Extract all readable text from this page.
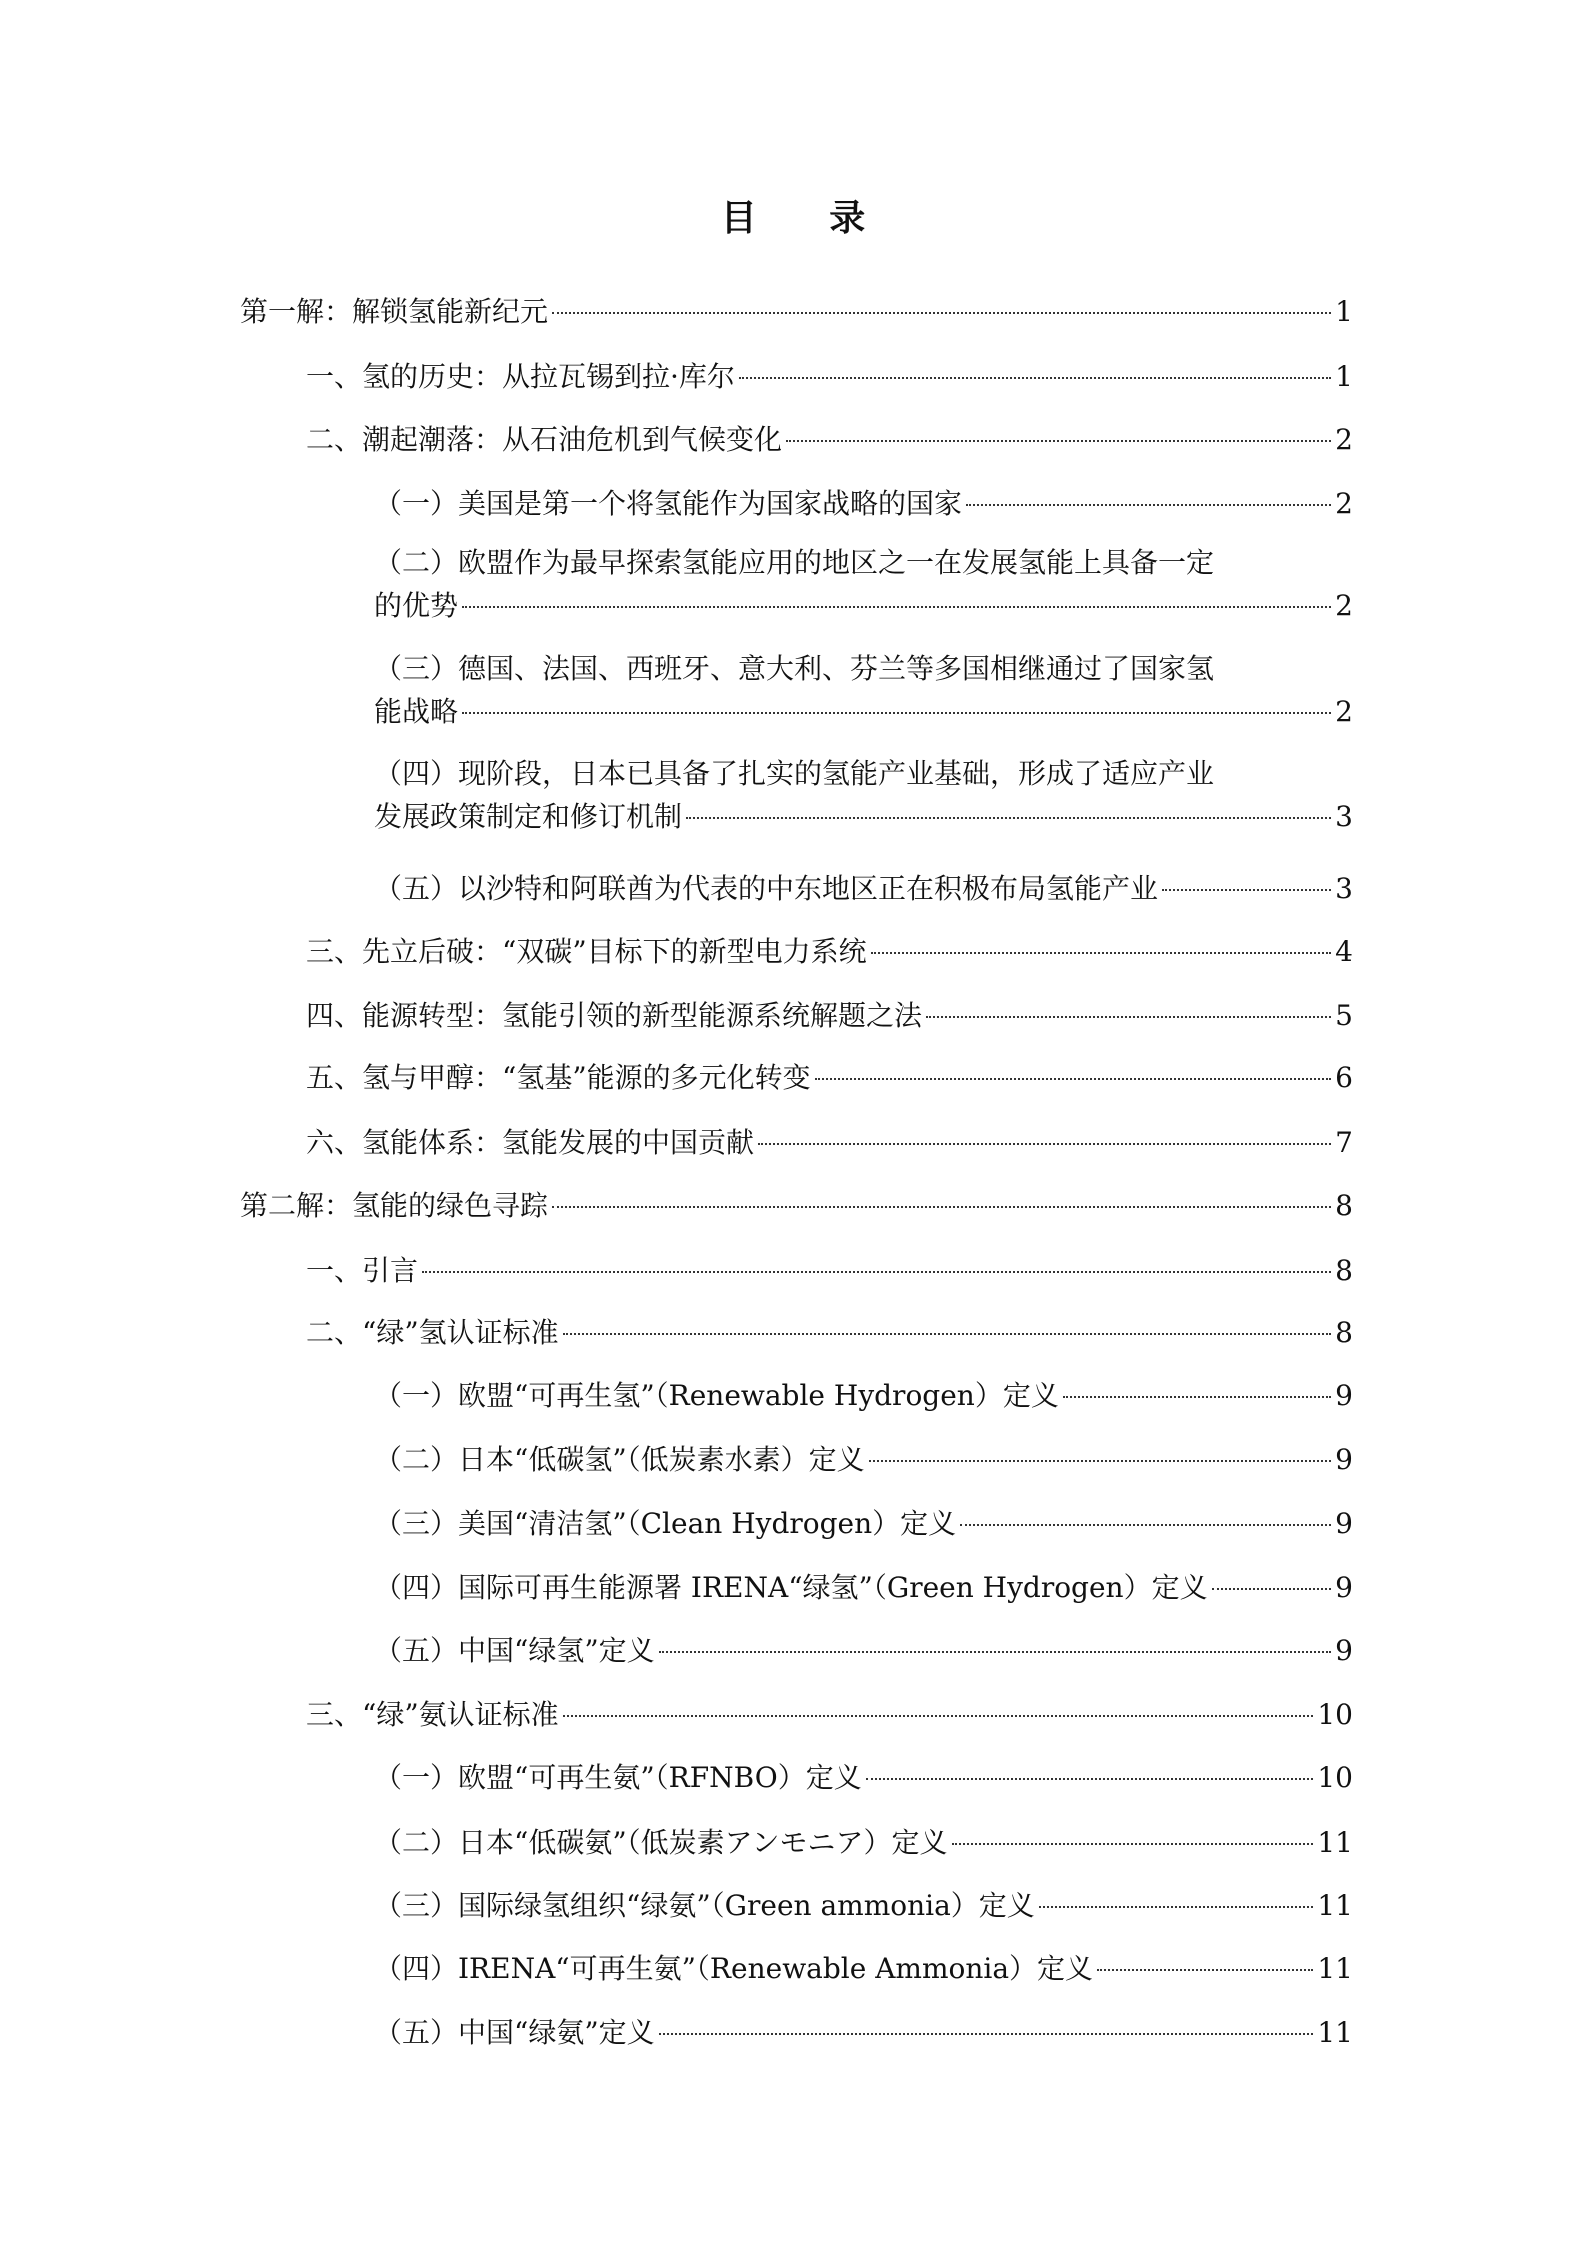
目 录
第一解：解锁氢能新纪元	1
一、氢的历史：从拉瓦锡到拉·库尔	1
二、潮起潮落：从石油危机到气候变化	2
（一）美国是第一个将氢能作为国家战略的国家	2
（二）欧盟作为最早探索氢能应用的地区之一在发展氢能上具备一定
的优势	2
（三）德国、法国、西班牙、意大利、芬兰等多国相继通过了国家氢
能战略	2
（四）现阶段，日本已具备了扎实的氢能产业基础，形成了适应产业
发展政策制定和修订机制	3
（五）以沙特和阿联酋为代表的中东地区正在积极布局氢能产业	3
三、先立后破：“双碳”目标下的新型电力系统	4
四、能源转型：氢能引领的新型能源系统解题之法	5
五、氢与甲醇：“氢基”能源的多元化转变	6
六、氢能体系：氢能发展的中国贡献	7
第二解：氢能的绿色寻踪	8
一、引言	8
二、“绿”氢认证标准	8
（一）欧盟“可再生氢”（Renewable Hydrogen）定义	9
（二）日本“低碳氢”（低炭素水素）定义	9
（三）美国“清洁氢”（Clean Hydrogen）定义	9
（四）国际可再生能源署 IRENA“绿氢”（Green Hydrogen）定义	9
（五）中国“绿氢”定义	9
三、“绿”氨认证标准	10
（一）欧盟“可再生氨”（RFNBO）定义	10
（二）日本“低碳氨”（低炭素アンモニア）定义	11
（三）国际绿氢组织“绿氨”（Green ammonia）定义	11
（四）IRENA“可再生氨”（Renewable Ammonia）定义	11
（五）中国“绿氨”定义	11
